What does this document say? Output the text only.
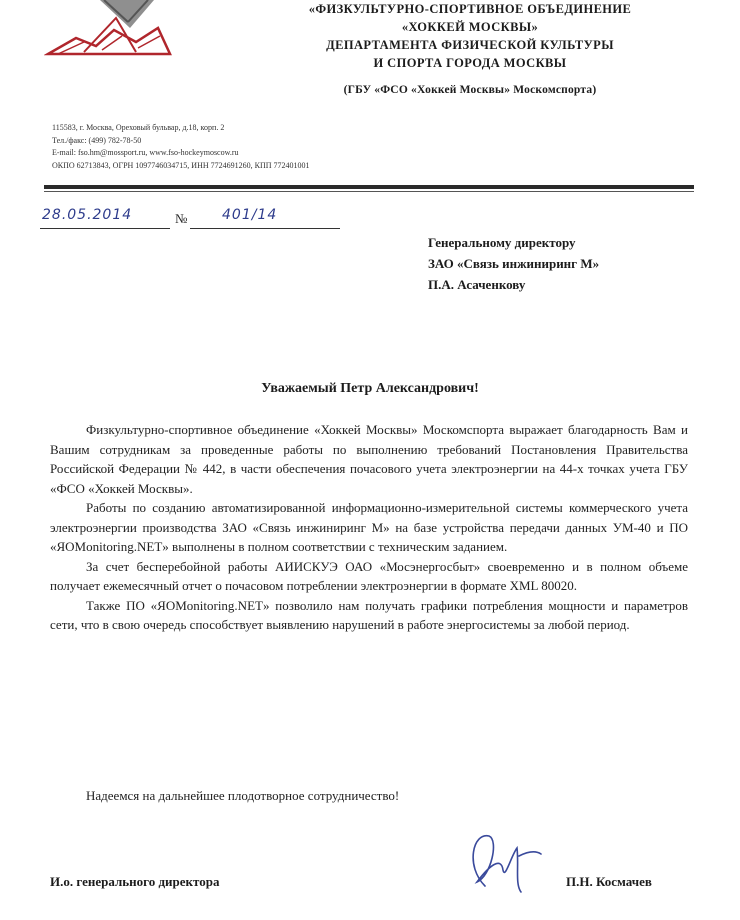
«ФИЗКУЛЬТУРНО-СПОРТИВНОЕ ОБЪЕДИНЕНИЕ
«ХОККЕЙ МОСКВЫ»
ДЕПАРТАМЕНТА ФИЗИЧЕСКОЙ КУЛЬТУРЫ
И СПОРТА ГОРОДА МОСКВЫ
(ГБУ «ФСО «Хоккей Москвы» Москомспорта)
115583, г. Москва, Ореховый бульвар, д.18, корп. 2
Тел./факс: (499) 782-78-50
E-mail: fso.hm@mossport.ru, www.fso-hockeymoscow.ru
ОКПО 62713843, ОГРН 1097746034715, ИНН 7724691260, КПП 772401001
28.05.2014	№ 401/14
Генеральному директору
ЗАО «Связь инжиниринг М»
П.А. Асаченкову
Уважаемый Петр Александрович!

Физкультурно-спортивное объединение «Хоккей Москвы» Москомспорта выражает благодарность Вам и Вашим сотрудникам за проведенные работы по выполнению требований Постановления Правительства Российской Федерации № 442, в части обеспечения почасового учета электроэнергии на 44-х точках учета ГБУ «ФСО «Хоккей Москвы».

Работы по созданию автоматизированной информационно-измерительной системы коммерческого учета электроэнергии производства ЗАО «Связь инжиниринг М» на базе устройства передачи данных УМ-40 и ПО «ЯОMonitoring.NET» выполнены в полном соответствии с техническим заданием.

За счет бесперебойной работы АИИСКУЭ ОАО «Мосэнергосбыт» своевременно и в полном объеме получает ежемесячный отчет о почасовом потреблении электроэнергии в формате XML 80020.

Также ПО «ЯОMonitoring.NET» позволило нам получать графики потребления мощности и параметров сети, что в свою очередь способствует выявлению нарушений в работе энергосистемы за любой период.

Надеемся на дальнейшее плодотворное сотрудничество!
И.о. генерального директора	П.Н. Космачев
